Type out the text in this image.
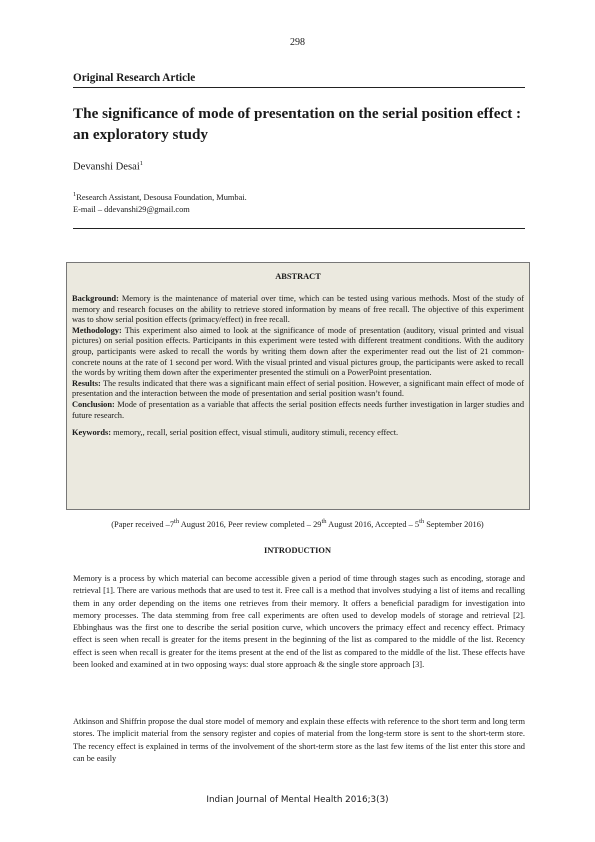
298
Original Research Article
The significance of mode of presentation on the serial position effect : an exploratory study
Devanshi Desai$^1$
$^1$Research Assistant, Desousa Foundation, Mumbai.
E-mail – ddevanshi29@gmail.com
ABSTRACT

Background: Memory is the maintenance of material over time, which can be tested using various methods. Most of the study of memory and research focuses on the ability to retrieve stored information by means of free recall. The objective of this experiment was to show serial position effects (primacy/effect) in free recall.

Methodology: This experiment also aimed to look at the significance of mode of presentation (auditory, visual printed and visual pictures) on serial position effects. Participants in this experiment were tested with different treatment conditions. With the auditory group, participants were asked to recall the words by writing them down after the experimenter read out the list of 21 common-concrete nouns at the rate of 1 second per word. With the visual printed and visual pictures group, the participants were asked to recall the words by writing them down after the experimenter presented the stimuli on a PowerPoint presentation.

Results: The results indicated that there was a significant main effect of serial position. However, a significant main effect of mode of presentation and the interaction between the mode of presentation and serial position wasn’t found.

Conclusion: Mode of presentation as a variable that affects the serial position effects needs further investigation in larger studies and future research.

Keywords: memory,, recall, serial position effect, visual stimuli, auditory stimuli, recency effect.

(Paper received –7th August 2016, Peer review completed – 29th August 2016, Accepted – 5th September 2016)
INTRODUCTION
Memory is a process by which material can become accessible given a period of time through stages such as encoding, storage and retrieval [1]. There are various methods that are used to test it. Free call is a method that involves studying a list of items and recalling them in any order depending on the items one retrieves from their memory. It offers a beneficial paradigm for investigation into memory processes. The data stemming from free call experiments are often used to develop models of storage and retrieval [2]. Ebbinghaus was the first one to describe the serial position curve, which uncovers the primacy effect and recency effect. Primacy effect is seen when recall is greater for the items present in the beginning of the list as compared to the middle of the list. Recency effect is seen when recall is greater for the items present at the end of the list as compared to the middle of the list. These effects have been looked and examined at in two opposing ways: dual store approach & the single store approach [3].
Atkinson and Shiffrin propose the dual store model of memory and explain these effects with reference to the short term and long term stores. The implicit material from the sensory register and copies of material from the long-term store is sent to the short-term store. The recency effect is explained in terms of the involvement of the short-term store as the last few items of the list enter this store and can be easily
Indian Journal of Mental Health 2016;3(3)
